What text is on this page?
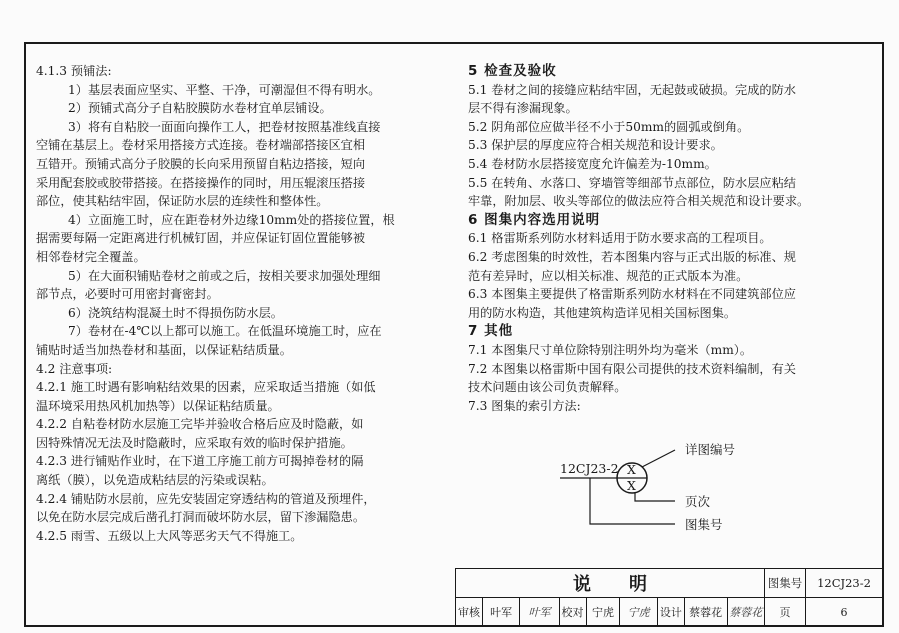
4.1.3 预铺法:

1）基层表面应坚实、平整、干净，可潮湿但不得有明水。

2）预铺式高分子自粘胶膜防水卷材宜单层铺设。

3）将有自粘胶一面面向操作工人，把卷材按照基准线直接

空铺在基层上。卷材采用搭接方式连接。卷材端部搭接区宜相

互错开。预铺式高分子胶膜的长向采用预留自粘边搭接，短向

采用配套胶或胶带搭接。在搭接操作的同时，用压辊滚压搭接

部位，使其粘结牢固，保证防水层的连续性和整体性。

4）立面施工时，应在距卷材外边缘10mm处的搭接位置，根

据需要每隔一定距离进行机械钉固，并应保证钉固位置能够被

相邻卷材完全覆盖。

5）在大面积铺贴卷材之前或之后，按相关要求加强处理细

部节点，必要时可用密封膏密封。

6）浇筑结构混凝土时不得损伤防水层。

7）卷材在-4℃以上都可以施工。在低温环境施工时，应在

铺贴时适当加热卷材和基面，以保证粘结质量。

4.2 注意事项:

4.2.1 施工时遇有影响粘结效果的因素，应采取适当措施（如低

温环境采用热风机加热等）以保证粘结质量。

4.2.2 自粘卷材防水层施工完毕并验收合格后应及时隐蔽，如

因特殊情况无法及时隐蔽时，应采取有效的临时保护措施。

4.2.3 进行铺贴作业时，在下道工序施工前方可揭掉卷材的隔

离纸（膜），以免造成粘结层的污染或误粘。

4.2.4 铺贴防水层前，应先安装固定穿透结构的管道及预埋件，

以免在防水层完成后凿孔打洞而破坏防水层，留下渗漏隐患。

4.2.5 雨雪、五级以上大风等恶劣天气不得施工。

5 检查及验收

5.1 卷材之间的接缝应粘结牢固，无起鼓或破损。完成的防水

层不得有渗漏现象。

5.2 阴角部位应做半径不小于50mm的圆弧或倒角。

5.3 保护层的厚度应符合相关规范和设计要求。

5.4 卷材防水层搭接宽度允许偏差为-10mm。

5.5 在转角、水落口、穿墙管等细部节点部位，防水层应粘结

牢靠，附加层、收头等部位的做法应符合相关规范和设计要求。

6 图集内容选用说明

6.1 格雷斯系列防水材料适用于防水要求高的工程项目。

6.2 考虑图集的时效性，若本图集内容与正式出版的标准、规

范有差异时，应以相关标准、规范的正式版本为准。

6.3 本图集主要提供了格雷斯系列防水材料在不同建筑部位应

用的防水构造，其他建筑构造详见相关国标图集。

7 其他

7.1 本图集尺寸单位除特别注明外均为毫米（mm）。

7.2 本图集以格雷斯中国有限公司提供的技术资料编制，有关

技术问题由该公司负责解释。

7.3 图集的索引方法:

12CJ23-2 X
X
详图编号
页次
图集号
说明									图集号	12CJ23-2
审核	叶军	叶军	校对	宁虎	宁虎	设计	蔡蓉花	蔡蓉花	页	6
